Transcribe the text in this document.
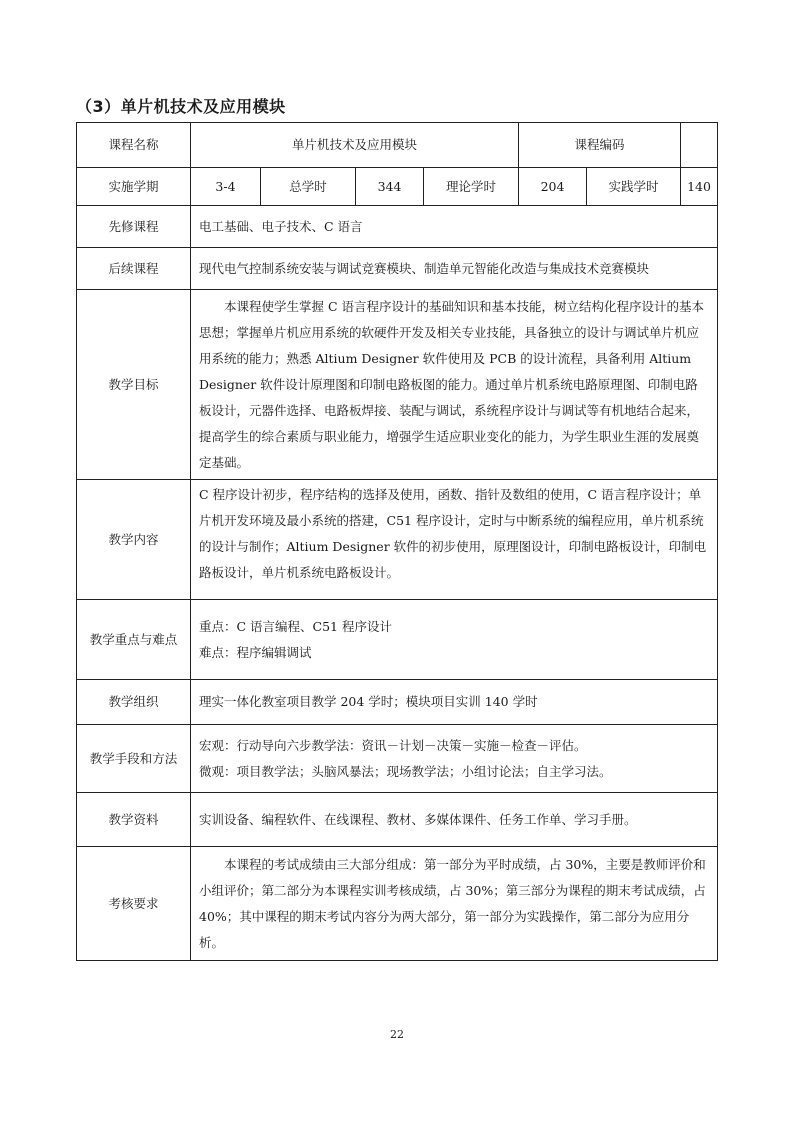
（3）单片机技术及应用模块
课程名称	单片机技术及应用模块				课程编码		
实施学期	3-4	总学时	344	理论学时	204	实践学时	140
先修课程	电工基础、电子技术、C 语言						
后续课程	现代电气控制系统安装与调试竞赛模块、制造单元智能化改造与集成技术竞赛模块						
教学目标	本课程使学生掌握 C 语言程序设计的基础知识和基本技能，树立结构化程序设计的基本思想；掌握单片机应用系统的软硬件开发及相关专业技能，具备独立的设计与调试单片机应用系统的能力；熟悉 Altium Designer 软件使用及 PCB 的设计流程，具备利用 Altium Designer 软件设计原理图和印制电路板图的能力。通过单片机系统电路原理图、印制电路板设计，元器件选择、电路板焊接、装配与调试，系统程序设计与调试等有机地结合起来，提高学生的综合素质与职业能力，增强学生适应职业变化的能力，为学生职业生涯的发展奠定基础。						
教学内容	C 程序设计初步，程序结构的选择及使用，函数、指针及数组的使用，C 语言程序设计；单片机开发环境及最小系统的搭建，C51 程序设计，定时与中断系统的编程应用，单片机系统的设计与制作；Altium Designer 软件的初步使用，原理图设计，印制电路板设计，印制电路板设计，单片机系统电路板设计。						
教学重点与难点	重点：C 语言编程、C51 程序设计

难点：程序编辑调试						

教学组织	理实一体化教室项目教学 204 学时；模块项目实训 140 学时						
教学手段和方法	宏观：行动导向六步教学法：资讯－计划－决策－实施－检查－评估。

微观：项目教学法；头脑风暴法；现场教学法；小组讨论法；自主学习法。						

教学资料	实训设备、编程软件、在线课程、教材、多媒体课件、任务工作单、学习手册。						
考核要求	本课程的考试成绩由三大部分组成：第一部分为平时成绩，占 30%，主要是教师评价和小组评价；第二部分为本课程实训考核成绩，占 30%；第三部分为课程的期末考试成绩，占 40%；其中课程的期末考试内容分为两大部分，第一部分为实践操作，第二部分为应用分析。						
22
